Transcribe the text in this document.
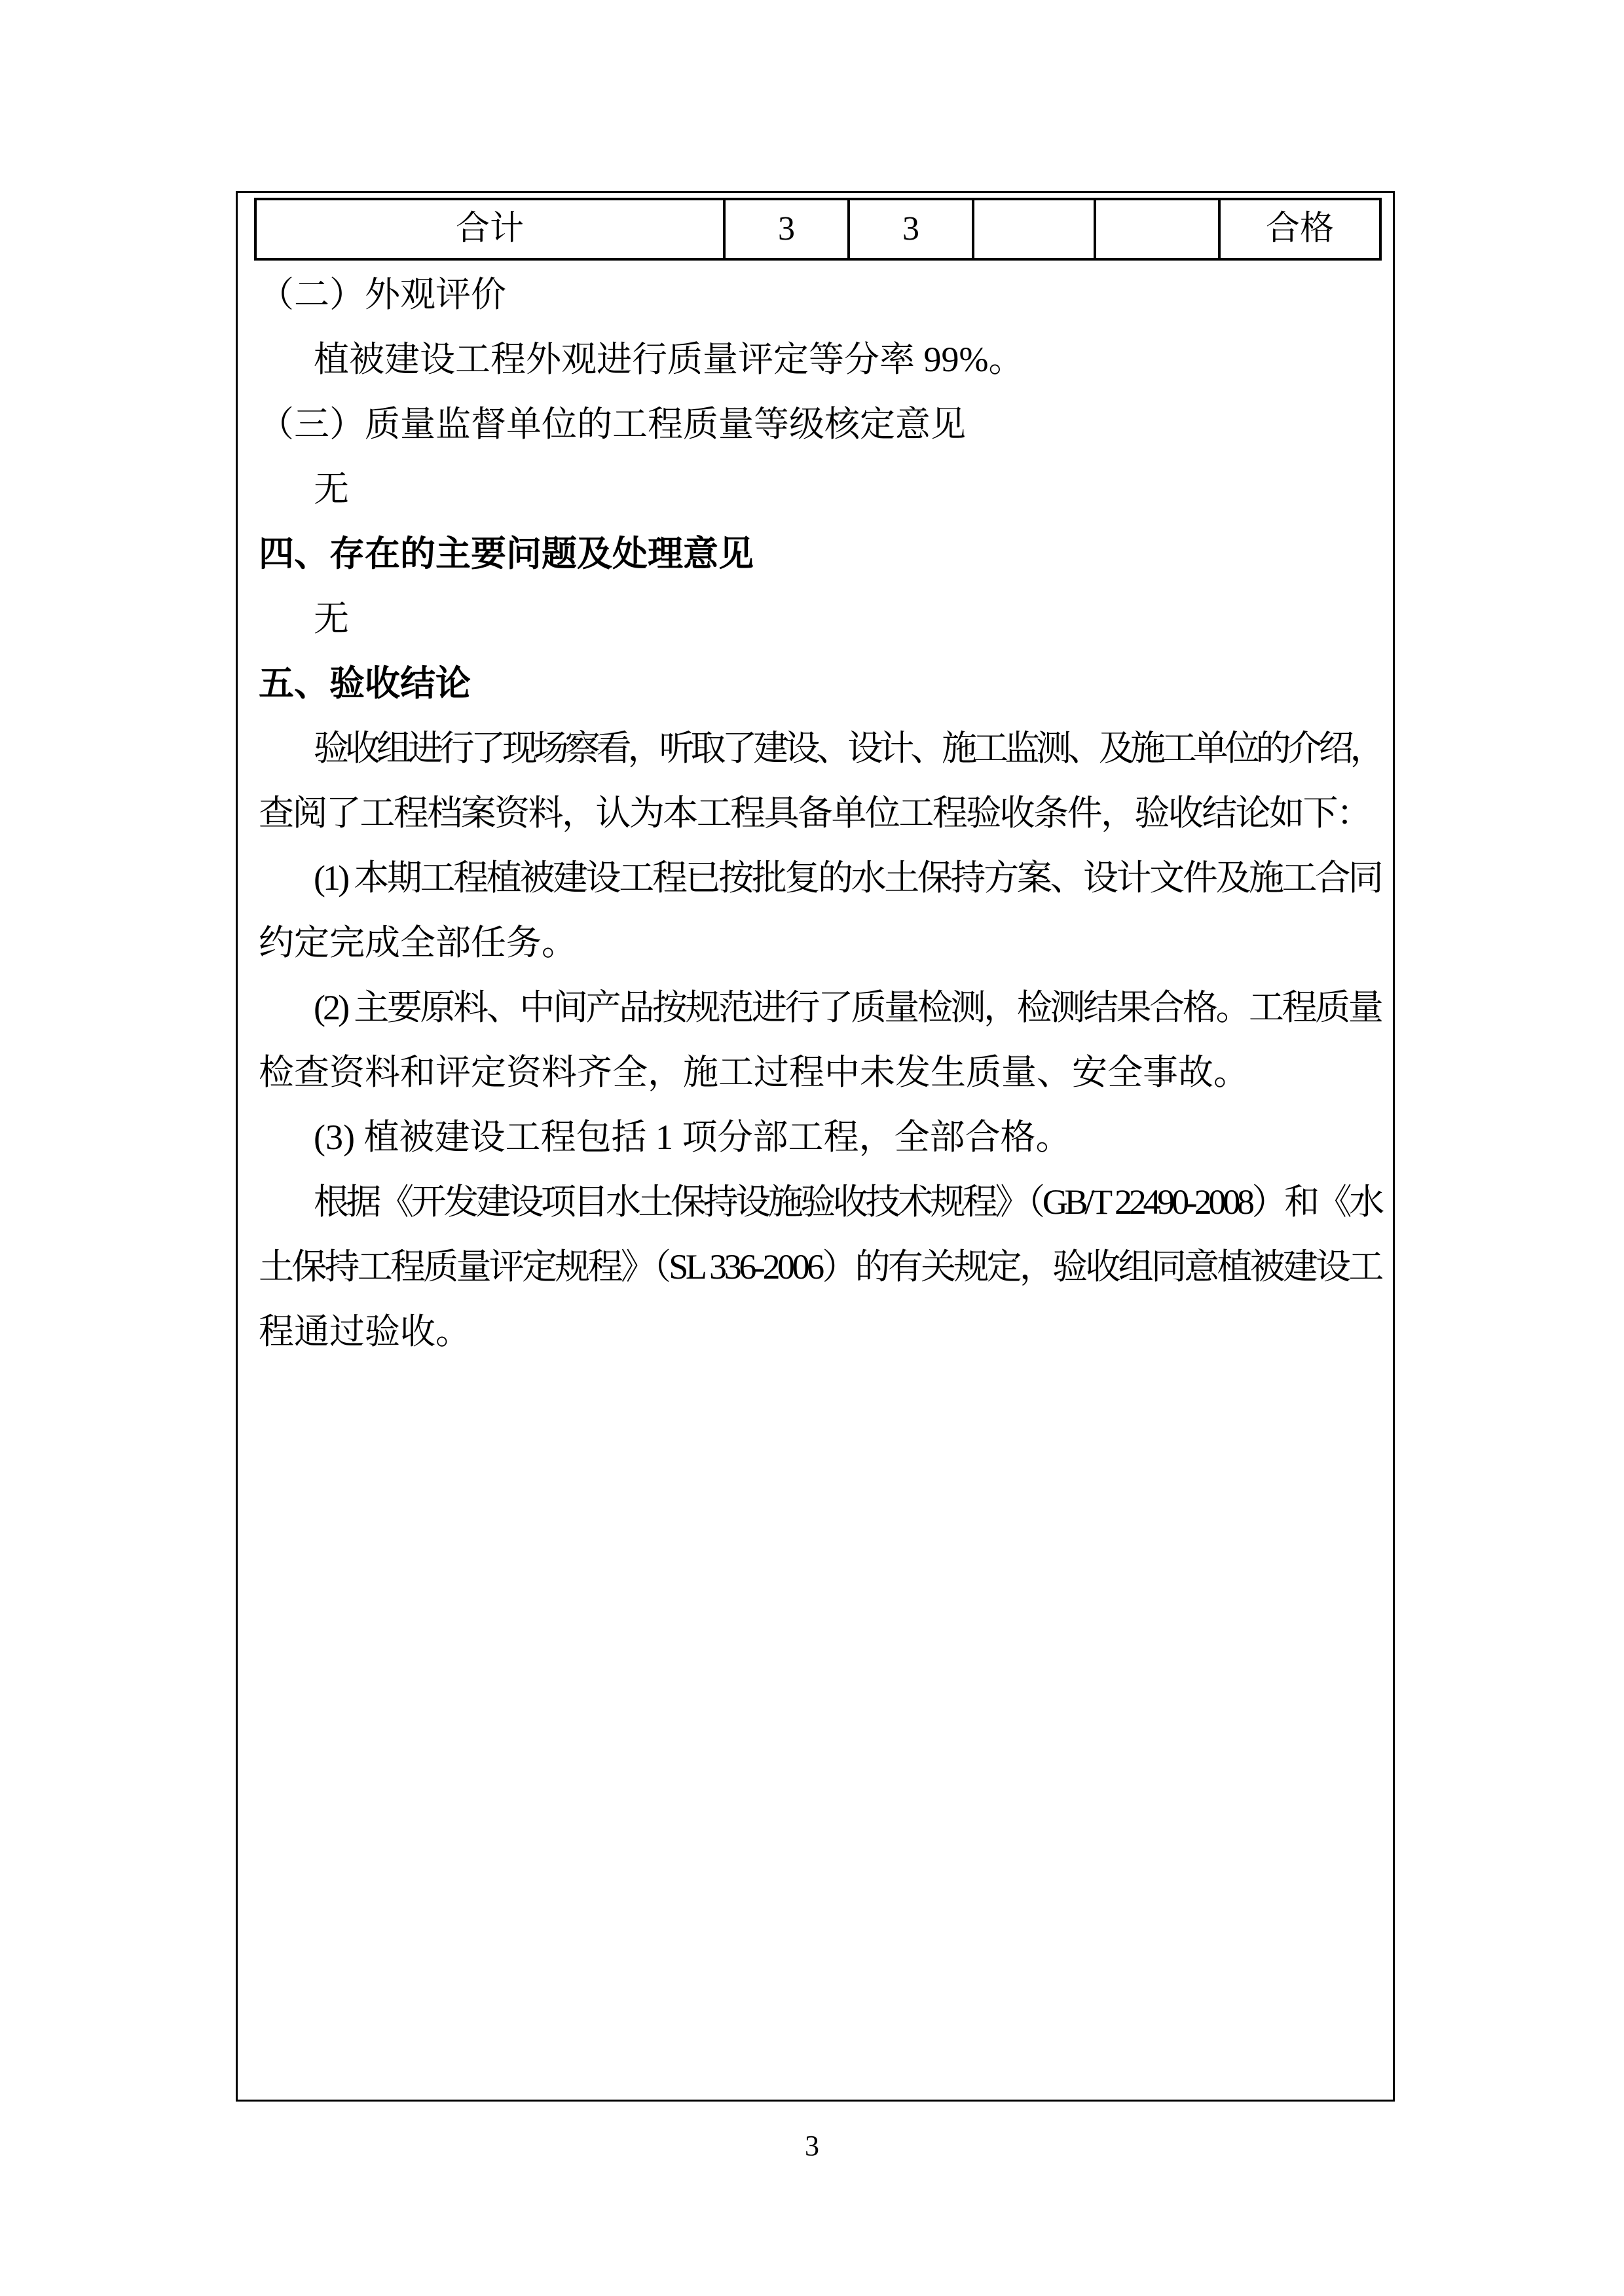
合计	3	3			合格
（二）外观评价
植被建设工程外观进行质量评定等分率 99%。
（三）质量监督单位的工程质量等级核定意见
无
四、存在的主要问题及处理意见
无
五、验收结论
验收组进行了现场察看，听取了建设、设计、施工监测、及施工单位的介绍，
查阅了工程档案资料，认为本工程具备单位工程验收条件，验收结论如下：
(1) 本期工程植被建设工程已按批复的水土保持方案、设计文件及施工合同
约定完成全部任务。
(2) 主要原料、中间产品按规范进行了质量检测，检测结果合格。工程质量
检查资料和评定资料齐全，施工过程中未发生质量、安全事故。
(3) 植被建设工程包括 1 项分部工程，全部合格。
根据《开发建设项目水土保持设施验收技术规程》（GB/T 22490-2008）和《水
土保持工程质量评定规程》（SL 336-2006）的有关规定，验收组同意植被建设工
程通过验收。
3
